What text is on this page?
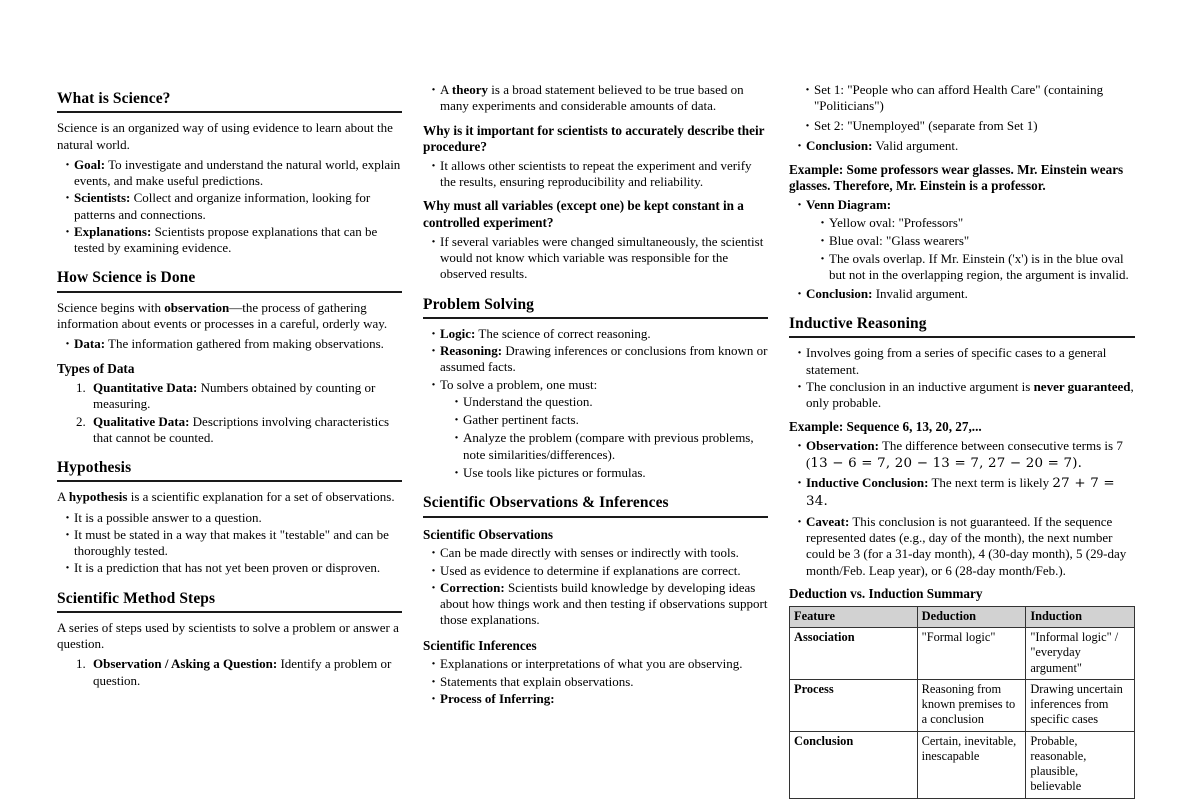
What is Science?

Science is an organized way of using evidence to learn about the natural world.

· Goal: To investigate and understand the natural world, explain events, and make useful predictions.
· Scientists: Collect and organize information, looking for patterns and connections.
· Explanations: Scientists propose explanations that can be tested by examining evidence.
How Science is Done

Science begins with observation—the process of gathering information about events or processes in a careful, orderly way.

· Data: The information gathered from making observations.
Types of Data
1. Quantitative Data: Numbers obtained by counting or measuring.
2. Qualitative Data: Descriptions involving characteristics that cannot be counted.
Hypothesis

A hypothesis is a scientific explanation for a set of observations.

· It is a possible answer to a question.
· It must be stated in a way that makes it "testable" and can be thoroughly tested.
· It is a prediction that has not yet been proven or disproven.
Scientific Method Steps

A series of steps used by scientists to solve a problem or answer a question.

1. Observation / Asking a Question: Identify a problem or question.
· A theory is a broad statement believed to be true based on many experiments and considerable amounts of data.
Why is it important for scientists to accurately describe their procedure?
· It allows other scientists to repeat the experiment and verify the results, ensuring reproducibility and reliability.
Why must all variables (except one) be kept constant in a controlled experiment?
· If several variables were changed simultaneously, the scientist would not know which variable was responsible for the observed results.
Problem Solving
· Logic: The science of correct reasoning.
· Reasoning: Drawing inferences or conclusions from known or assumed facts.
· To solve a problem, one must:
· Understand the question.
· Gather pertinent facts.
· Analyze the problem (compare with previous problems, note similarities/differences).
· Use tools like pictures or formulas.
Scientific Observations & Inferences
Scientific Observations
· Can be made directly with senses or indirectly with tools.
· Used as evidence to determine if explanations are correct.
· Correction: Scientists build knowledge by developing ideas about how things work and then testing if observations support those explanations.
Scientific Inferences
· Explanations or interpretations of what you are observing.
· Statements that explain observations.
· Process of Inferring:
· Set 1: "People who can afford Health Care" (containing "Politicians")
· Set 2: "Unemployed" (separate from Set 1)
· Conclusion: Valid argument.
Example: Some professors wear glasses. Mr. Einstein wears glasses. Therefore, Mr. Einstein is a professor.
· Venn Diagram:
· Yellow oval: "Professors"
· Blue oval: "Glass wearers"
· The ovals overlap. If Mr. Einstein ('x') is in the blue oval but not in the overlapping region, the argument is invalid.
· Conclusion: Invalid argument.
Inductive Reasoning
· Involves going from a series of specific cases to a general statement.
· The conclusion in an inductive argument is never guaranteed, only probable.
Example: Sequence 6, 13, 20, 27,...
· Observation: The difference between consecutive terms is 7 (13 − 6 = 7, 20 − 13 = 7, 27 − 20 = 7).
· Inductive Conclusion: The next term is likely 27 + 7 = 34.
· Caveat: This conclusion is not guaranteed. If the sequence represented dates (e.g., day of the month), the next number could be 3 (for a 31-day month), 4 (30-day month), 5 (29-day month/Feb. Leap year), or 6 (28-day month/Feb.).
Deduction vs. Induction Summary
Feature	Deduction	Induction
Association	"Formal logic"	"Informal logic" / "everyday argument"
Process	Reasoning from known premises to a conclusion	Drawing uncertain inferences from specific cases
Conclusion	Certain, inevitable, inescapable	Probable, reasonable, plausible, believable
